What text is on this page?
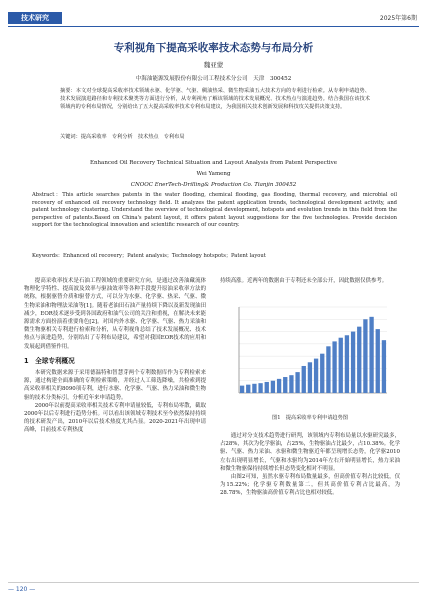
技术研究	2025年第6期
专利视角下提高采收率技术态势与布局分析
魏亚蒙
中海油能源发展股份有限公司工程技术分公司　天津　300452
摘要：本文对全球提高采收率技术领域水驱、化学驱、气驱、稠油热采、微生物采油五大技术方向的专利进行检索。从专利申请趋势、技术发展演进路径和专利技术聚类等方面进行分析，从专利视角了解该领域的技术发展概况、技术热点与演进趋势。结合我国在该技术领域内的专利布局情况，分别给出了五大提高采收率技术专利布局建议，为我国相关技术创新发展和科技攻关提供决策支持。
关键词：提高采收率　专利分析　技术热点　专利布局
Enhanced Oil Recovery Technical Situation and Layout Analysis from Patent Perspective
Wei Yameng
CNOOC EnerTech-Drilling& Production Co. Tianjin 300452
Abstract：This article searches patents in the water flooding, chemical flooding, gas flooding, thermal recovery, and microbial oil recovery of enhanced oil recovery technology field. It analyzes the patent application trends, technological development activity, and patent technology clustering. Understand the overview of technological development, hotspots and evolution trends in this field from the perspective of patents.Based on China's patent layout, it offers patent layout suggestions for the five technologies. Provide decision support for the technological innovation and scientific research of our country.
Keywords：Enhanced oil recovery；Patent analysis；Technology hotspots；Patent layout

提高采收率技术是石油工程领域的重要研究方向，是通过改善油藏流体物理化学特性、提高波及效率与驱油效率等各种手段提升原油采收率方法的统称，根据驱替介质和驱替方式，可以分为水驱、化学驱、热采、气驱、微生物采油和物理法采油等[1]。随着老油田石油产量持续下降以及新发现油田减少，EOR技术逐步受到各国政府和油气公司的关注和重视，在解决未来能源需求方面扮演着重要角色[2]。对国内外水驱、化学驱、气驱、热力采油和微生物驱相关专利进行检索和分析，从专利视角总结了技术发展概况、技术热点与演进趋势，分别给出了专利布局建议，希望对我国EOR技术的应用和发展起到借鉴作用。

1　全球专利概况

本研究数据来源于采用德温特和智慧芽两个专利数据库作为专利检索来源，通过构建全面准确的专利检索策略，并经过人工筛选降噪，共检索到提高采收率相关的8090项专利，进行水驱、化学驱、气驱、热力采油和微生物驱的技术分类标引，分析近年来申请趋势。

2000年以前提高采收率相关技术专利申请量较低，专利布局零散，截取2000年以后专利进行趋势分析。可以看出该领域专利技术至今依然保持持续的技术研发产出，2010年以后技术热度尤其凸显。2020-2021年出现申请高峰，目前技术专利热度

持续高涨。近两年的数据由于专利还未全部公开，因此数据仅供参考。

图1　提高采收率专利申请趋势图

通过对分支技术趋势进行研判，该领域内专利布局量以水驱研究最多，占28%，其次为化学驱油，占25%，生物驱油占比最少，占10.38%。化学驱、气驱、热力采油、水驱和微生物驱近年都呈现增长态势，化学驱2010左右出现明显增长，气驱和水驱均为2014年左右开始明显增长，热力采油和微生物驱保持持续增长但态势变化相对不明显。

由图2可知，虽然水驱专利布局数量最多，但高价值专利占比较低，仅为15.22%；化学驱专利数量第二，但其高价值专利占比最高，为28.78%，生物驱油高价值专利占比也相对较低。

— 120 —
